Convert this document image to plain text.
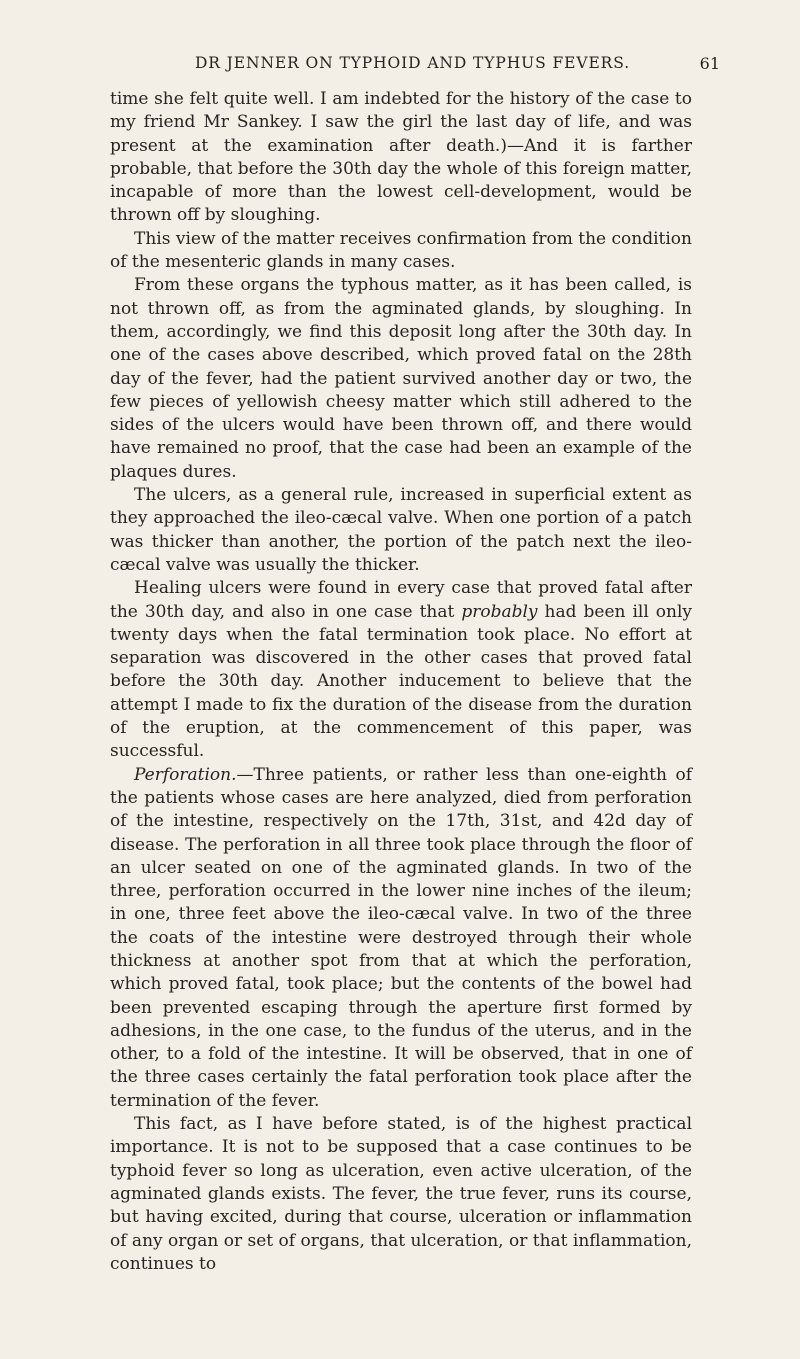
DR JENNER ON TYPHOID AND TYPHUS FEVERS.	61

time she felt quite well. I am indebted for the history of the case to my friend Mr Sankey. I saw the girl the last day of life, and was present at the examination after death.)—And it is farther probable, that before the 30th day the whole of this foreign matter, incapable of more than the lowest cell-development, would be thrown off by sloughing.

This view of the matter receives confirmation from the condition of the mesenteric glands in many cases.

From these organs the typhous matter, as it has been called, is not thrown off, as from the agminated glands, by sloughing. In them, accordingly, we find this deposit long after the 30th day. In one of the cases above described, which proved fatal on the 28th day of the fever, had the patient survived another day or two, the few pieces of yellowish cheesy matter which still adhered to the sides of the ulcers would have been thrown off, and there would have remained no proof, that the case had been an example of the plaques dures.

The ulcers, as a general rule, increased in superficial extent as they approached the ileo-cæcal valve. When one portion of a patch was thicker than another, the portion of the patch next the ileo-cæcal valve was usually the thicker.

Healing ulcers were found in every case that proved fatal after the 30th day, and also in one case that probably had been ill only twenty days when the fatal termination took place. No effort at separation was discovered in the other cases that proved fatal before the 30th day. Another inducement to believe that the attempt I made to fix the duration of the disease from the duration of the eruption, at the commencement of this paper, was successful.

Perforation.—Three patients, or rather less than one-eighth of the patients whose cases are here analyzed, died from perforation of the intestine, respectively on the 17th, 31st, and 42d day of disease. The perforation in all three took place through the floor of an ulcer seated on one of the agminated glands. In two of the three, perforation occurred in the lower nine inches of the ileum; in one, three feet above the ileo-cæcal valve. In two of the three the coats of the intestine were destroyed through their whole thickness at another spot from that at which the perforation, which proved fatal, took place; but the contents of the bowel had been prevented escaping through the aperture first formed by adhesions, in the one case, to the fundus of the uterus, and in the other, to a fold of the intestine. It will be observed, that in one of the three cases certainly the fatal perforation took place after the termination of the fever.

This fact, as I have before stated, is of the highest practical importance. It is not to be supposed that a case continues to be typhoid fever so long as ulceration, even active ulceration, of the agminated glands exists. The fever, the true fever, runs its course, but having excited, during that course, ulceration or inflammation of any organ or set of organs, that ulceration, or that inflammation, continues to
